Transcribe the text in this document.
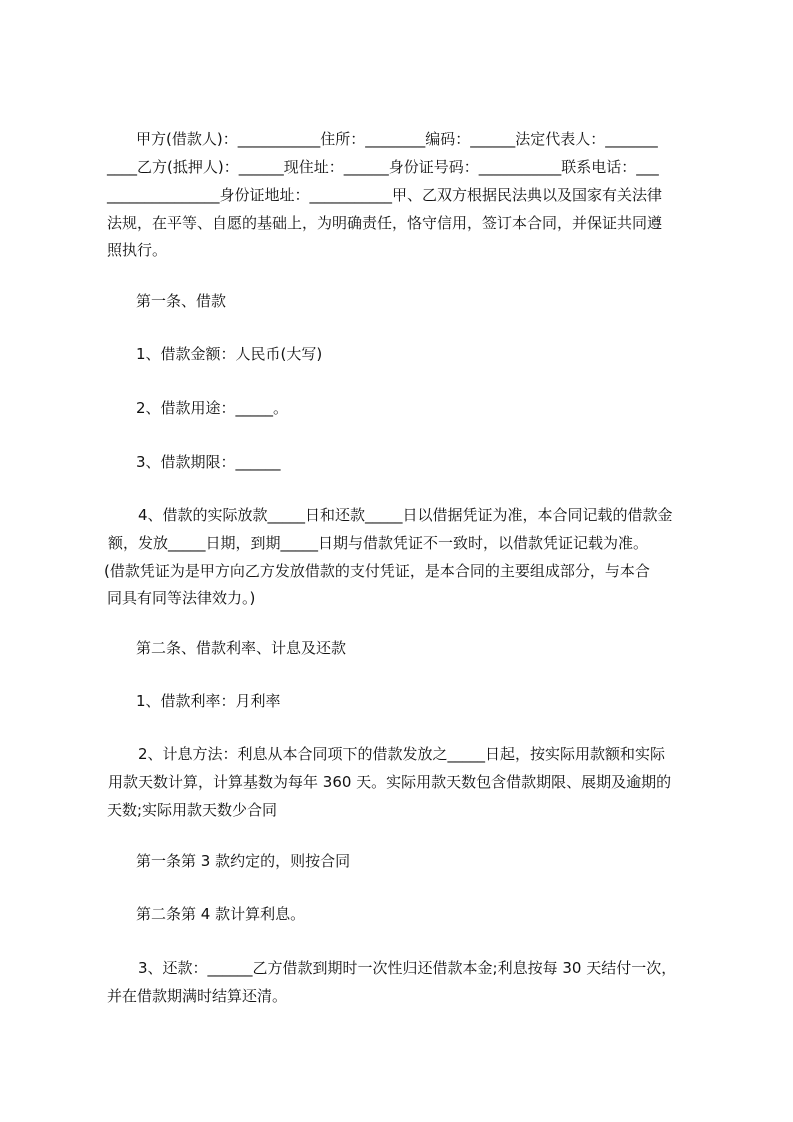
甲方(借款人)：___________住所：________编码：______法定代表人：_______
____乙方(抵押人)：______现住址：______身份证号码：___________联系电话：___
_______________身份证地址：___________甲、乙双方根据民法典以及国家有关法律
法规，在平等、自愿的基础上，为明确责任，恪守信用，签订本合同，并保证共同遵
照执行。
第一条、借款
1、借款金额：人民币(大写)
2、借款用途：_____。
3、借款期限：______
4、借款的实际放款_____日和还款_____日以借据凭证为准，本合同记载的借款金
额，发放_____日期，到期_____日期与借款凭证不一致时，以借款凭证记载为准。
(借款凭证为是甲方向乙方发放借款的支付凭证，是本合同的主要组成部分，与本合
同具有同等法律效力。)
第二条、借款利率、计息及还款
1、借款利率：月利率
2、计息方法：利息从本合同项下的借款发放之_____日起，按实际用款额和实际
用款天数计算，计算基数为每年 360 天。实际用款天数包含借款期限、展期及逾期的
天数;实际用款天数少合同
第一条第 3 款约定的，则按合同
第二条第 4 款计算利息。
3、还款：______乙方借款到期时一次性归还借款本金;利息按每 30 天结付一次，
并在借款期满时结算还清。
